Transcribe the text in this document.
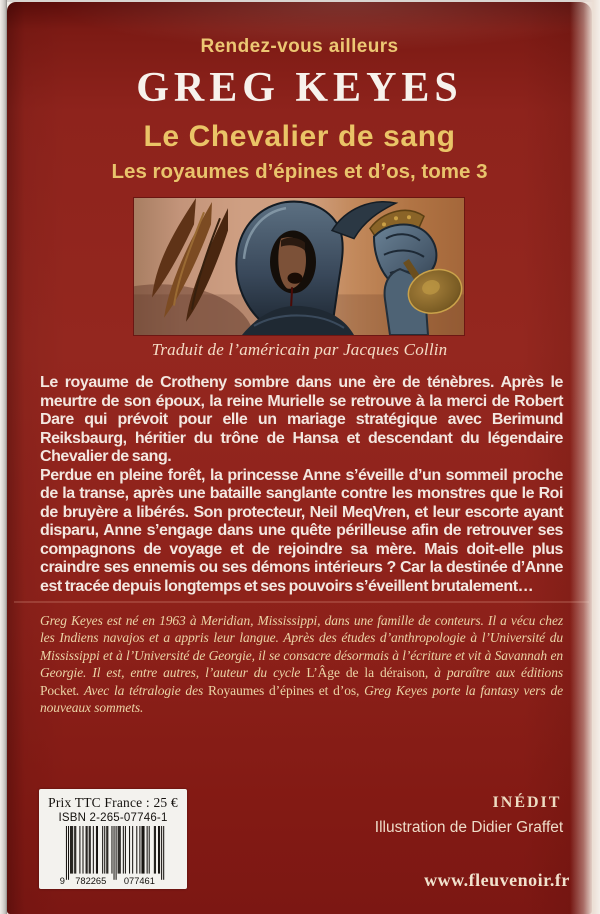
Rendez-vous ailleurs
GREG KEYES
Le Chevalier de sang
Les royaumes d’épines et d’os, tome 3
Traduit de l’américain par Jacques Collin

Le royaume de Crotheny sombre dans une ère de ténèbres. Après le meurtre de son époux, la reine Murielle se retrouve à la merci de Robert Dare qui prévoit pour elle un mariage stratégique avec Berimund Reiksbaurg, héritier du trône de Hansa et descendant du légendaire Chevalier de sang.

Perdue en pleine forêt, la princesse Anne s’éveille d’un sommeil proche de la transe, après une bataille sanglante contre les monstres que le Roi de bruyère a libérés. Son protecteur, Neil MeqVren, et leur escorte ayant disparu, Anne s’engage dans une quête périlleuse afin de retrouver ses compagnons de voyage et de rejoindre sa mère. Mais doit-elle plus craindre ses ennemis ou ses démons intérieurs ? Car la destinée d’Anne est tracée depuis longtemps et ses pouvoirs s’éveillent brutalement…

Greg Keyes est né en 1963 à Meridian, Mississippi, dans une famille de conteurs. Il a vécu chez les Indiens navajos et a appris leur langue. Après des études d’anthropologie à l’Université du Mississippi et à l’Université de Georgie, il se consacre désormais à l’écriture et vit à Savannah en Georgie. Il est, entre autres, l’auteur du cycle L’Âge de la déraison, à paraître aux éditions Pocket. Avec la tétralogie des Royaumes d’épines et d’os, Greg Keyes porte la fantasy vers de nouveaux sommets.

Prix TTC France : 25 €
ISBN 2-265-07746-1
9 782265 077461
INÉDIT
Illustration de Didier Graffet
www.fleuvenoir.fr
